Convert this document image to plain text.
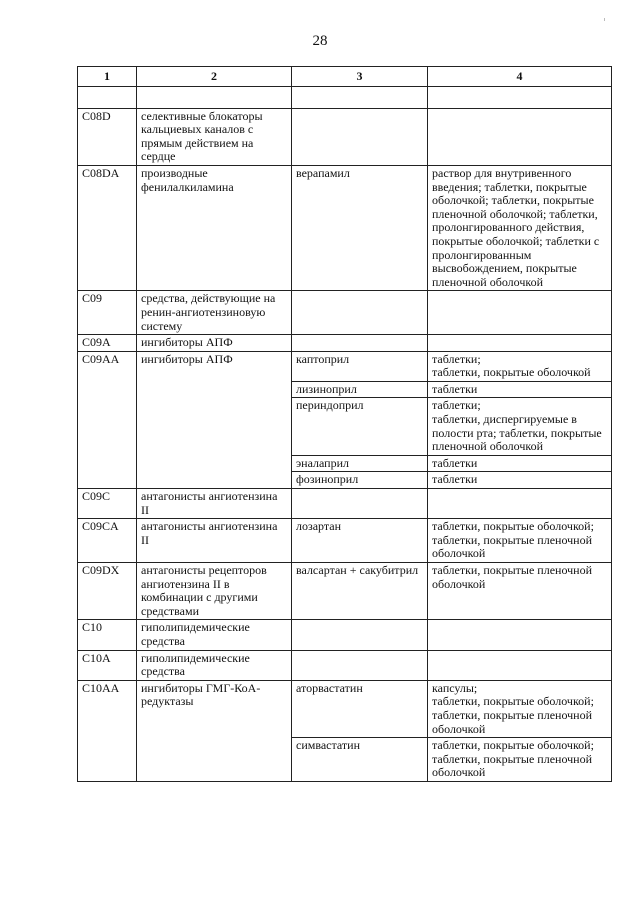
28
1	2	3	4

C08D	селективные блокаторы кальциевых каналов с прямым действием на сердце		
C08DA	производные фенилалкиламина	верапамил	раствор для внутривенного введения; таблетки, покрытые оболочкой; таблетки, покрытые пленочной оболочкой; таблетки, пролонгированного действия, покрытые оболочкой; таблетки с пролонгированным высвобождением, покрытые пленочной оболочкой

C09	средства, действующие на ренин-ангиотензиновую систему		
C09A	ингибиторы АПФ		
C09AA	ингибиторы АПФ	каптоприл	таблетки;
таблетки, покрытые оболочкой

		лизиноприл	таблетки

		периндоприл	таблетки;
таблетки, диспергируемые в полости рта; таблетки, покрытые пленочной оболочкой

		эналаприл	таблетки

		фозиноприл	таблетки

C09C	антагонисты ангиотензина II		
C09CA	антагонисты ангиотензина II	лозартан	таблетки, покрытые оболочкой;
таблетки, покрытые пленочной оболочкой

C09DX	антагонисты рецепторов ангиотензина II в комбинации с другими средствами	валсартан + сакубитрил	таблетки, покрытые пленочной оболочкой

C10	гиполипидемические средства		
C10A	гиполипидемические средства		
C10AA	ингибиторы ГМГ-КоА-редуктазы	аторвастатин	капсулы;
таблетки, покрытые оболочкой;
таблетки, покрытые пленочной оболочкой

		симвастатин	таблетки, покрытые оболочкой;
таблетки, покрытые пленочной оболочкой
